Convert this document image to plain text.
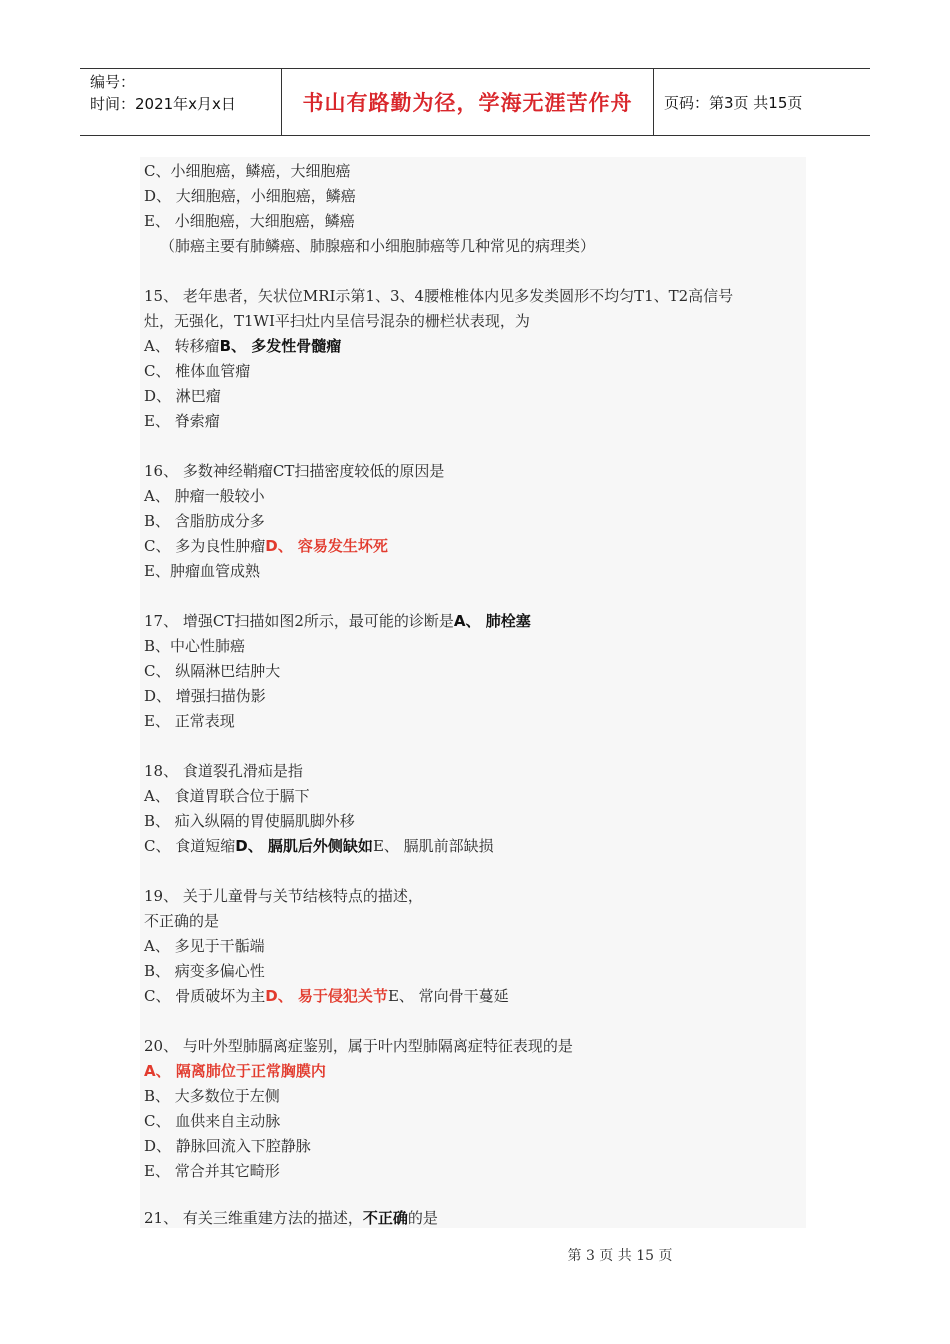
编号：
时间：2021年x月x日	书山有路勤为径，学海无涯苦作舟	页码：第3页 共15页
C、小细胞癌，鳞癌，大细胞癌
D、 大细胞癌，小细胞癌，鳞癌
E、 小细胞癌，大细胞癌，鳞癌
（肺癌主要有肺鳞癌、肺腺癌和小细胞肺癌等几种常见的病理类）
15、 老年患者，矢状位MRI示第1、3、4腰椎椎体内见多发类圆形不均匀T1、T2高信号
灶，无强化，T1WI平扫灶内呈信号混杂的栅栏状表现，为
A、 转移瘤B、 多发性骨髓瘤
C、 椎体血管瘤
D、 淋巴瘤
E、 脊索瘤
16、 多数神经鞘瘤CT扫描密度较低的原因是
A、 肿瘤一般较小
B、 含脂肪成分多
C、 多为良性肿瘤D、 容易发生坏死
E、肿瘤血管成熟
17、 增强CT扫描如图2所示，最可能的诊断是A、 肺栓塞
B、中心性肺癌
C、 纵隔淋巴结肿大
D、 增强扫描伪影
E、 正常表现
18、 食道裂孔滑疝是指
A、 食道胃联合位于膈下
B、 疝入纵隔的胃使膈肌脚外移
C、 食道短缩D、 膈肌后外侧缺如E、 膈肌前部缺损
19、 关于儿童骨与关节结核特点的描述，
不正确的是
A、 多见于干骺端
B、 病变多偏心性
C、 骨质破坏为主D、 易于侵犯关节E、 常向骨干蔓延
20、 与叶外型肺膈离症鉴别，属于叶内型肺隔离症特征表现的是
A、 隔离肺位于正常胸膜内
B、 大多数位于左侧
C、 血供来自主动脉
D、 静脉回流入下腔静脉
E、 常合并其它畸形
21、 有关三维重建方法的描述，不正确的是
第 3 页 共 15 页
